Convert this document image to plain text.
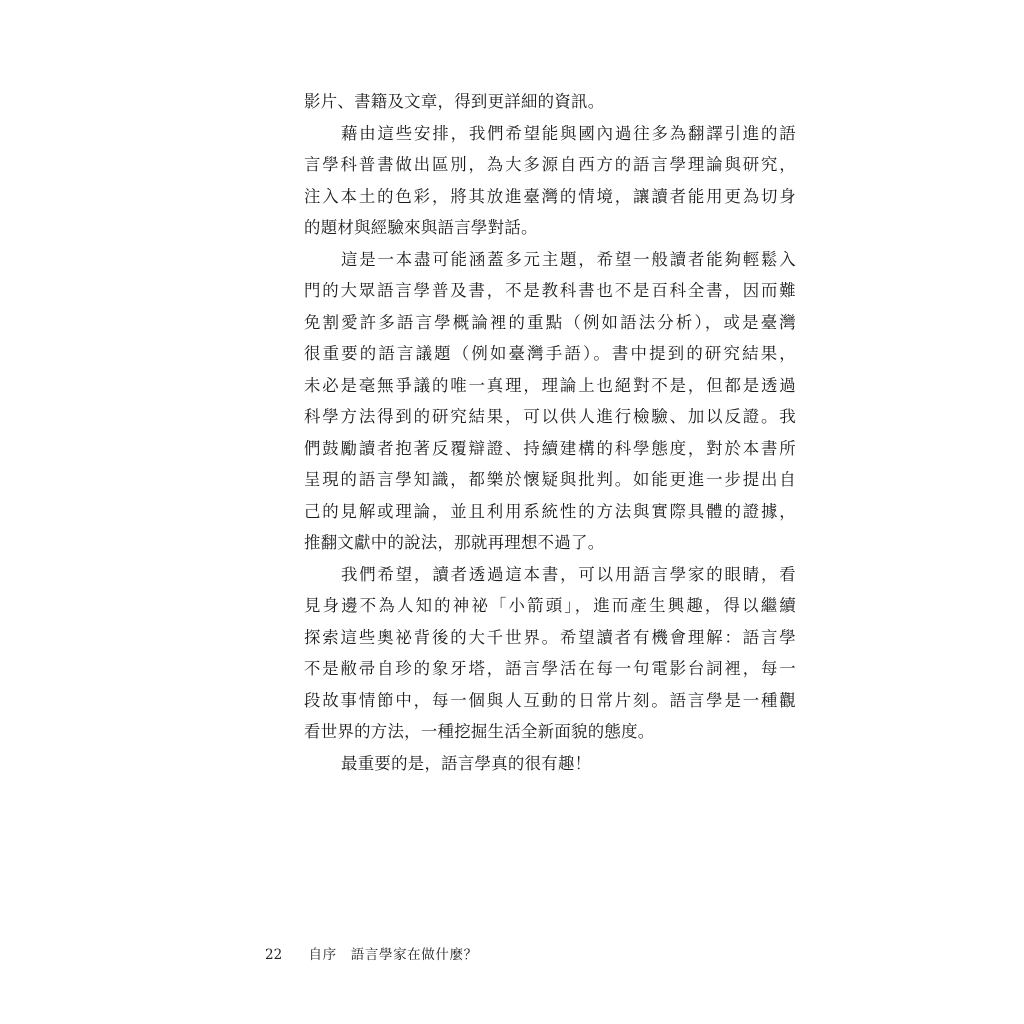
影片、書籍及文章，得到更詳細的資訊。
藉由這些安排，我們希望能與國內過往多為翻譯引進的語
言學科普書做出區別，為大多源自西方的語言學理論與研究，
注入本土的色彩，將其放進臺灣的情境，讓讀者能用更為切身
的題材與經驗來與語言學對話。
這是一本盡可能涵蓋多元主題，希望一般讀者能夠輕鬆入
門的大眾語言學普及書，不是教科書也不是百科全書，因而難
免割愛許多語言學概論裡的重點（例如語法分析），或是臺灣
很重要的語言議題（例如臺灣手語）。書中提到的研究結果，
未必是毫無爭議的唯一真理，理論上也絕對不是，但都是透過
科學方法得到的研究結果，可以供人進行檢驗、加以反證。我
們鼓勵讀者抱著反覆辯證、持續建構的科學態度，對於本書所
呈現的語言學知識，都樂於懷疑與批判。如能更進一步提出自
己的見解或理論，並且利用系統性的方法與實際具體的證據，
推翻文獻中的說法，那就再理想不過了。
我們希望，讀者透過這本書，可以用語言學家的眼睛，看
見身邊不為人知的神祕「小箭頭」，進而產生興趣，得以繼續
探索這些奧祕背後的大千世界。希望讀者有機會理解：語言學
不是敝帚自珍的象牙塔，語言學活在每一句電影台詞裡，每一
段故事情節中，每一個與人互動的日常片刻。語言學是一種觀
看世界的方法，一種挖掘生活全新面貌的態度。
最重要的是，語言學真的很有趣！
22 自序　語言學家在做什麼？
